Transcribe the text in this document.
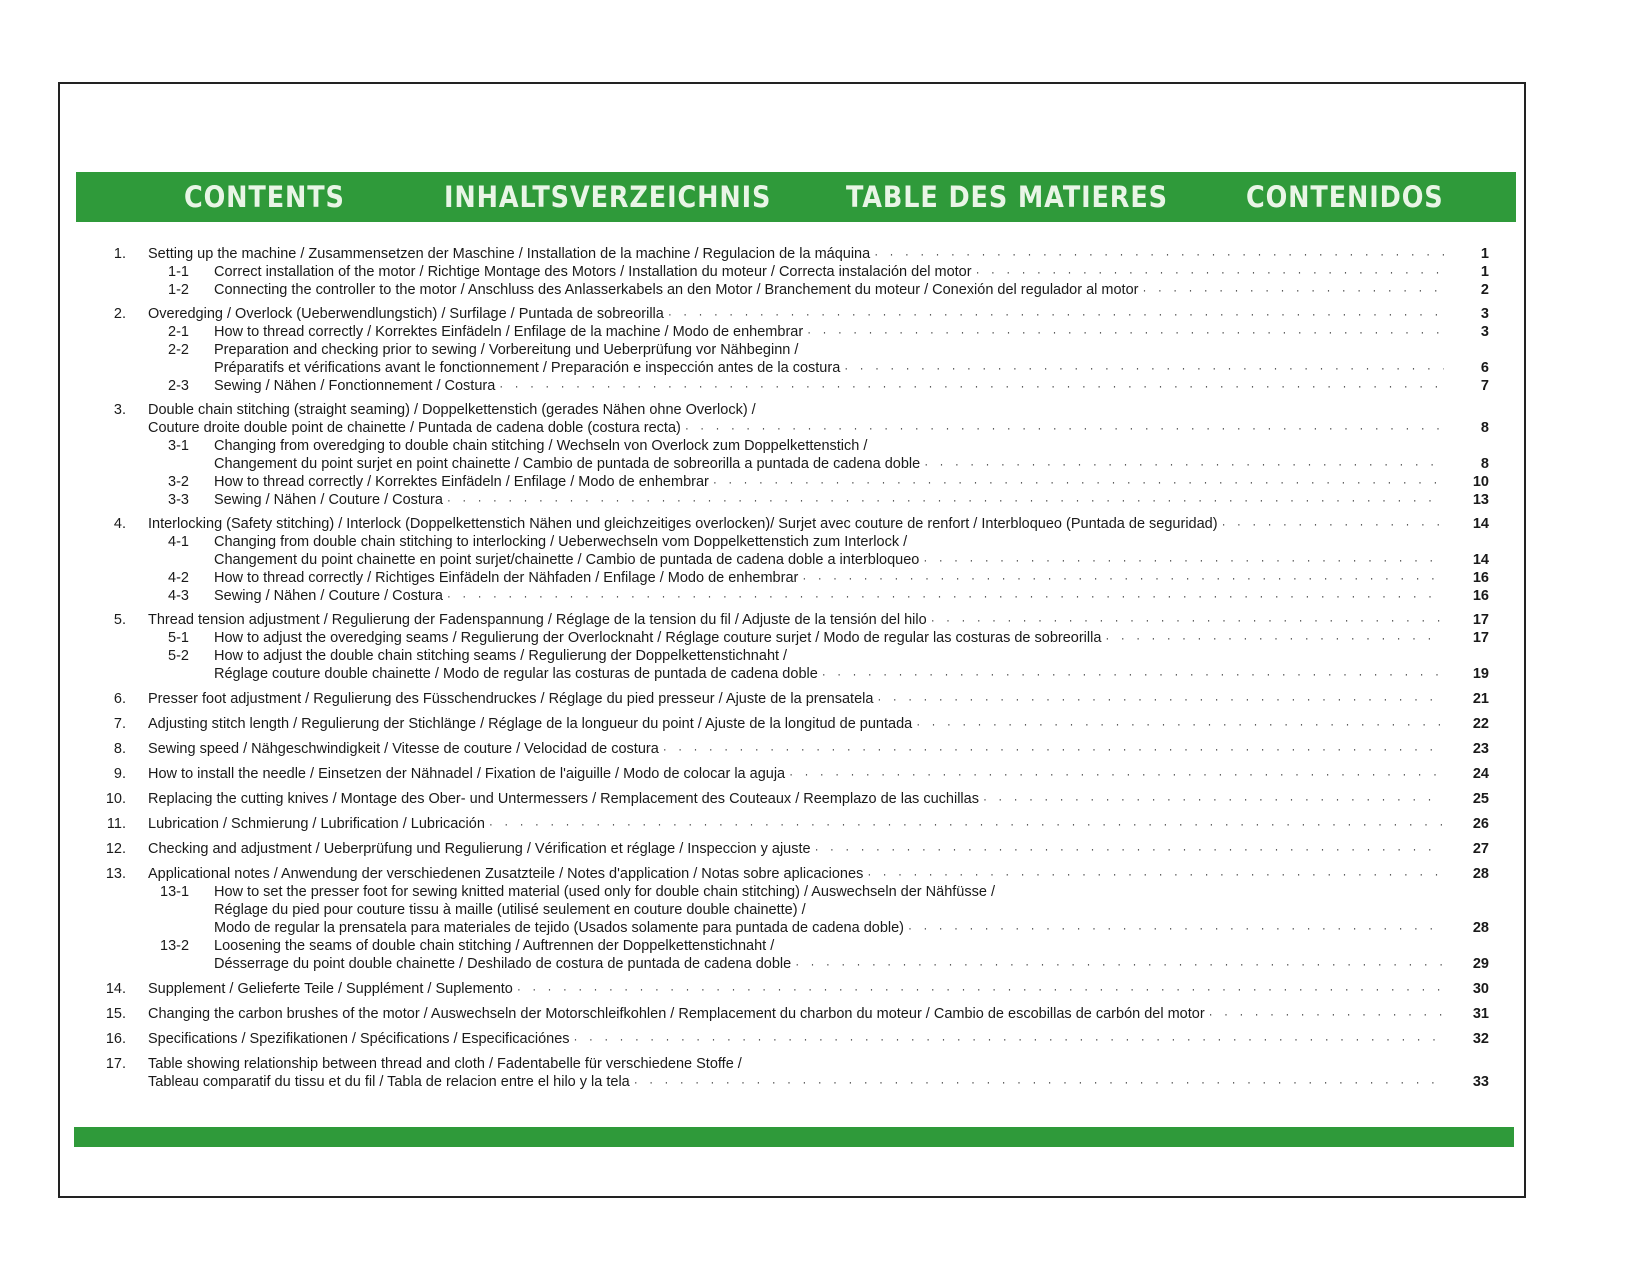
CONTENTS	INHALTSVERZEICHNIS	TABLE DES MATIERES	CONTENIDOS
1. Setting up the machine / Zusammensetzen der Maschine / Installation de la machine / Regulacion de la máquina · · ·	1
1-1 Correct installation of the motor / Richtige Montage des Motors / Installation du moteur / Correcta instalación del motor · · ·	1
1-2 Connecting the controller to the motor / Anschluss des Anlasserkabels an den Motor / Branchement du moteur / Conexión del regulador al motor · · ·	2
2. Overedging / Overlock (Ueberwendlungstich) / Surfilage / Puntada de sobreorilla · · ·	3
2-1 How to thread correctly / Korrektes Einfädeln / Enfilage de la machine / Modo de enhembrar · · ·	3
2-2 Preparation and checking prior to sewing / Vorbereitung und Ueberprüfung vor Nähbeginn /
Préparatifs et vérifications avant le fonctionnement / Preparación e inspección antes de la costura · · ·	6
2-3 Sewing / Nähen / Fonctionnement / Costura · · ·	7
3. Double chain stitching (straight seaming) / Doppelkettenstich (gerades Nähen ohne Overlock) /
Couture droite double point de chainette / Puntada de cadena doble (costura recta) · · ·	8
3-1 Changing from overedging to double chain stitching / Wechseln von Overlock zum Doppelkettenstich /
Changement du point surjet en point chainette / Cambio de puntada de sobreorilla a puntada de cadena doble · · ·	8
3-2 How to thread correctly / Korrektes Einfädeln / Enfilage / Modo de enhembrar · · ·	10
3-3 Sewing / Nähen / Couture / Costura · · ·	13
4. Interlocking (Safety stitching) / Interlock (Doppelkettenstich Nähen und gleichzeitiges overlocken)/ Surjet avec couture de renfort / Interbloqueo (Puntada de seguridad) · · ·	14
4-1 Changing from double chain stitching to interlocking / Ueberwechseln vom Doppelkettenstich zum Interlock /
Changement du point chainette en point surjet/chainette / Cambio de puntada de cadena doble a interbloqueo · · ·	14
4-2 How to thread correctly / Richtiges Einfädeln der Nähfaden / Enfilage / Modo de enhembrar · · ·	16
4-3 Sewing / Nähen / Couture / Costura · · ·	16
5. Thread tension adjustment / Regulierung der Fadenspannung / Réglage de la tension du fil / Adjuste de la tensión del hilo · · ·	17
5-1 How to adjust the overedging seams / Regulierung der Overlocknaht / Réglage couture surjet / Modo de regular las costuras de sobreorilla · · ·	17
5-2 How to adjust the double chain stitching seams / Regulierung der Doppelkettenstichnaht /
Réglage couture double chainette / Modo de regular las costuras de puntada de cadena doble · · ·	19
6. Presser foot adjustment / Regulierung des Füsschendruckes / Réglage du pied presseur / Ajuste de la prensatela · · ·	21
7. Adjusting stitch length / Regulierung der Stichlänge / Réglage de la longueur du point / Ajuste de la longitud de puntada · · ·	22
8. Sewing speed / Nähgeschwindigkeit / Vitesse de couture / Velocidad de costura · · ·	23
9. How to install the needle / Einsetzen der Nähnadel / Fixation de l'aiguille / Modo de colocar la aguja · · ·	24
10. Replacing the cutting knives / Montage des Ober- und Untermessers / Remplacement des Couteaux / Reemplazo de las cuchillas · · ·	25
11. Lubrication / Schmierung / Lubrification / Lubricación · · ·	26
12. Checking and adjustment / Ueberprüfung und Regulierung / Vérification et réglage / Inspeccion y ajuste · · ·	27
13. Applicational notes / Anwendung der verschiedenen Zusatzteile / Notes d'application / Notas sobre aplicaciones · · ·	28
13-1 How to set the presser foot for sewing knitted material (used only for double chain stitching) / Auswechseln der Nähfüsse /
Réglage du pied pour couture tissu à maille (utilisé seulement en couture double chainette) /
Modo de regular la prensatela para materiales de tejido (Usados solamente para puntada de cadena doble) · · ·	28
13-2 Loosening the seams of double chain stitching / Auftrennen der Doppelkettenstichnaht /
Désserrage du point double chainette / Deshilado de costura de puntada de cadena doble · · ·	29
14. Supplement / Gelieferte Teile / Supplément / Suplemento · · ·	30
15. Changing the carbon brushes of the motor / Auswechseln der Motorschleifkohlen / Remplacement du charbon du moteur / Cambio de escobillas de carbón del motor · · ·	31
16. Specifications / Spezifikationen / Spécifications / Especificaciónes · · ·	32
17. Table showing relationship between thread and cloth / Fadentabelle für verschiedene Stoffe /
Tableau comparatif du tissu et du fil / Tabla de relacion entre el hilo y la tela · · ·	33
